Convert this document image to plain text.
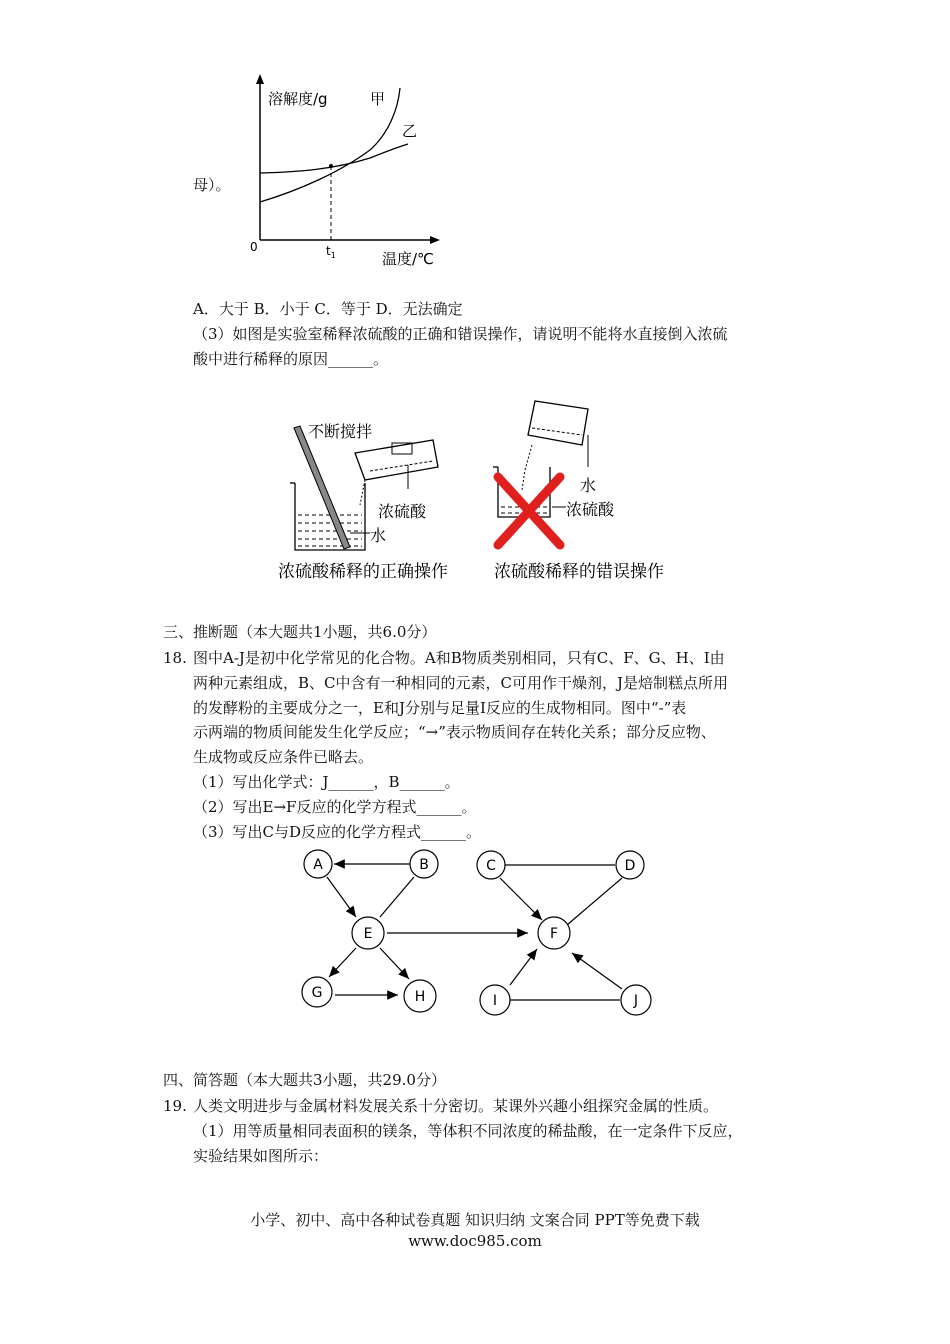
溶解度/g	甲
乙
0	$t_1$	温度/℃
母）。
A．大于 B．小于 C．等于 D．无法确定
（3）如图是实验室稀释浓硫酸的正确和错误操作，请说明不能将水直接倒入浓硫
酸中进行稀释的原因______。
不断搅拌
浓硫酸
水
浓硫酸稀释的正确操作
水
浓硫酸
浓硫酸稀释的错误操作
三、推断题（本大题共1小题，共6.0分）
18. 图中A-J是初中化学常见的化合物。A和B物质类别相同，只有C、F、G、H、I由
两种元素组成，B、C中含有一种相同的元素，C可用作干燥剂，J是焙制糕点所用
的发酵粉的主要成分之一，E和J分别与足量I反应的生成物相同。图中“-”表
示两端的物质间能发生化学反应；“→”表示物质间存在转化关系；部分反应物、
生成物或反应条件已略去。
（1）写出化学式：J______，B______。
（2）写出E→F反应的化学方程式______。
（3）写出C与D反应的化学方程式______。
A	B	C	D
E	F
G	H	I	J
四、简答题（本大题共3小题，共29.0分）
19. 人类文明进步与金属材料发展关系十分密切。某课外兴趣小组探究金属的性质。
（1）用等质量相同表面积的镁条，等体积不同浓度的稀盐酸，在一定条件下反应，
实验结果如图所示：
小学、初中、高中各种试卷真题 知识归纳 文案合同 PPT等免费下载
www.doc985.com
